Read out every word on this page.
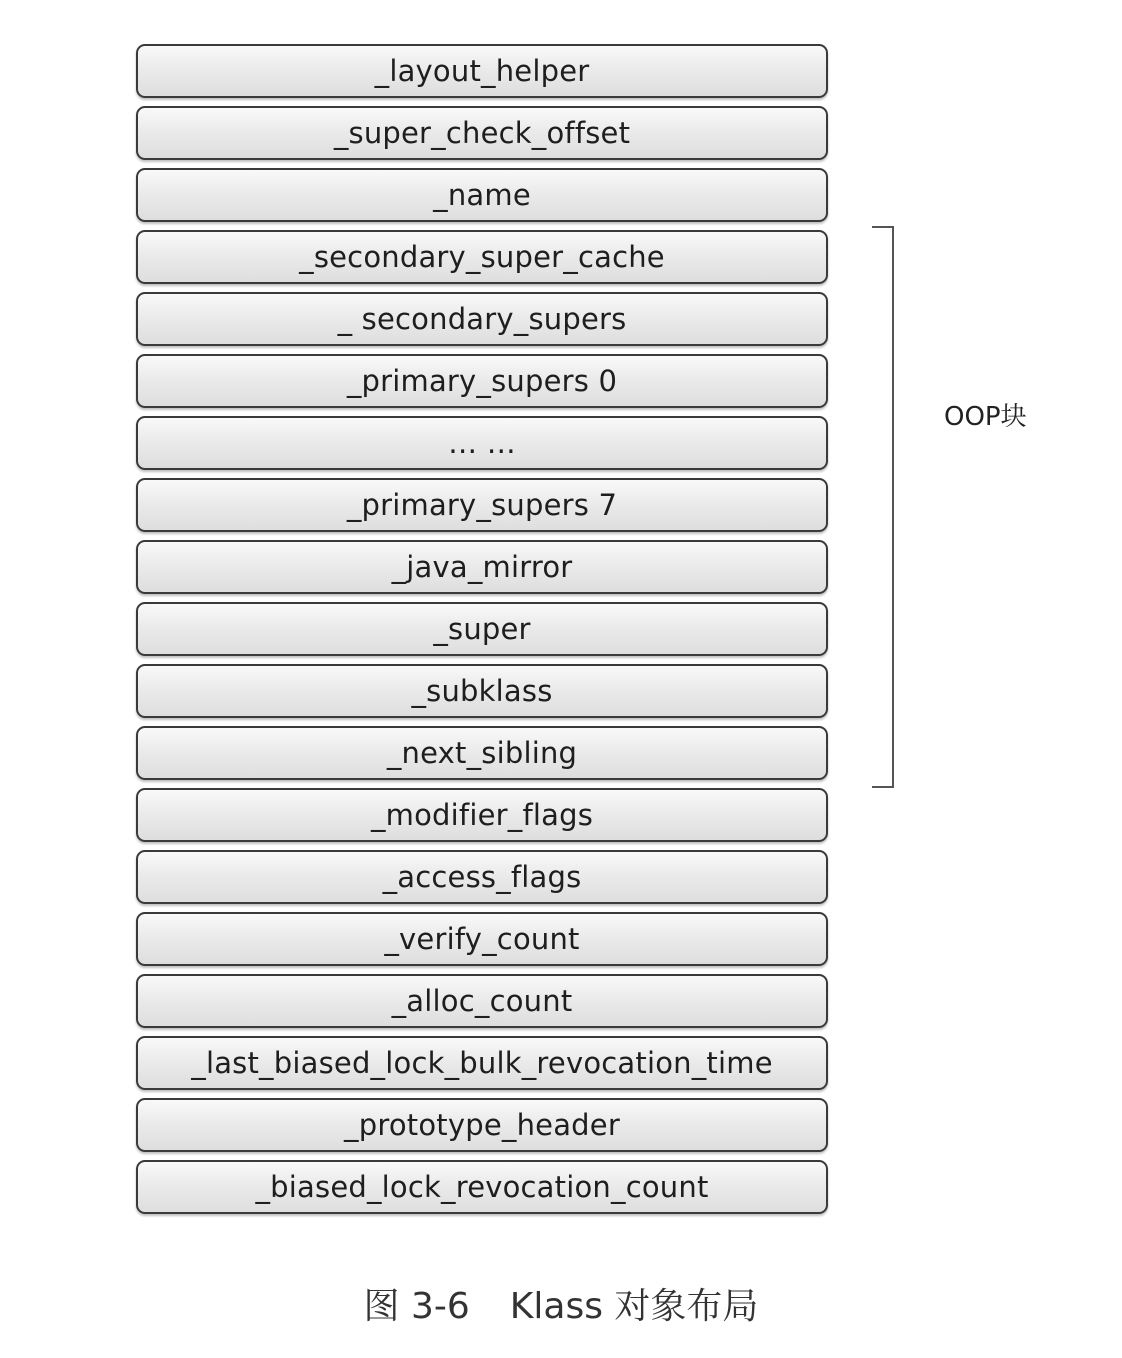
_layout_helper
_super_check_offset
_name
_secondary_super_cache
_ secondary_supers
_primary_supers 0
… …
_primary_supers 7
_java_mirror
_super
_subklass
_next_sibling
_modifier_flags
_access_flags
_verify_count
_alloc_count
_last_biased_lock_bulk_revocation_time
_prototype_header
_biased_lock_revocation_count
OOP块
图 3-6 Klass 对象布局
